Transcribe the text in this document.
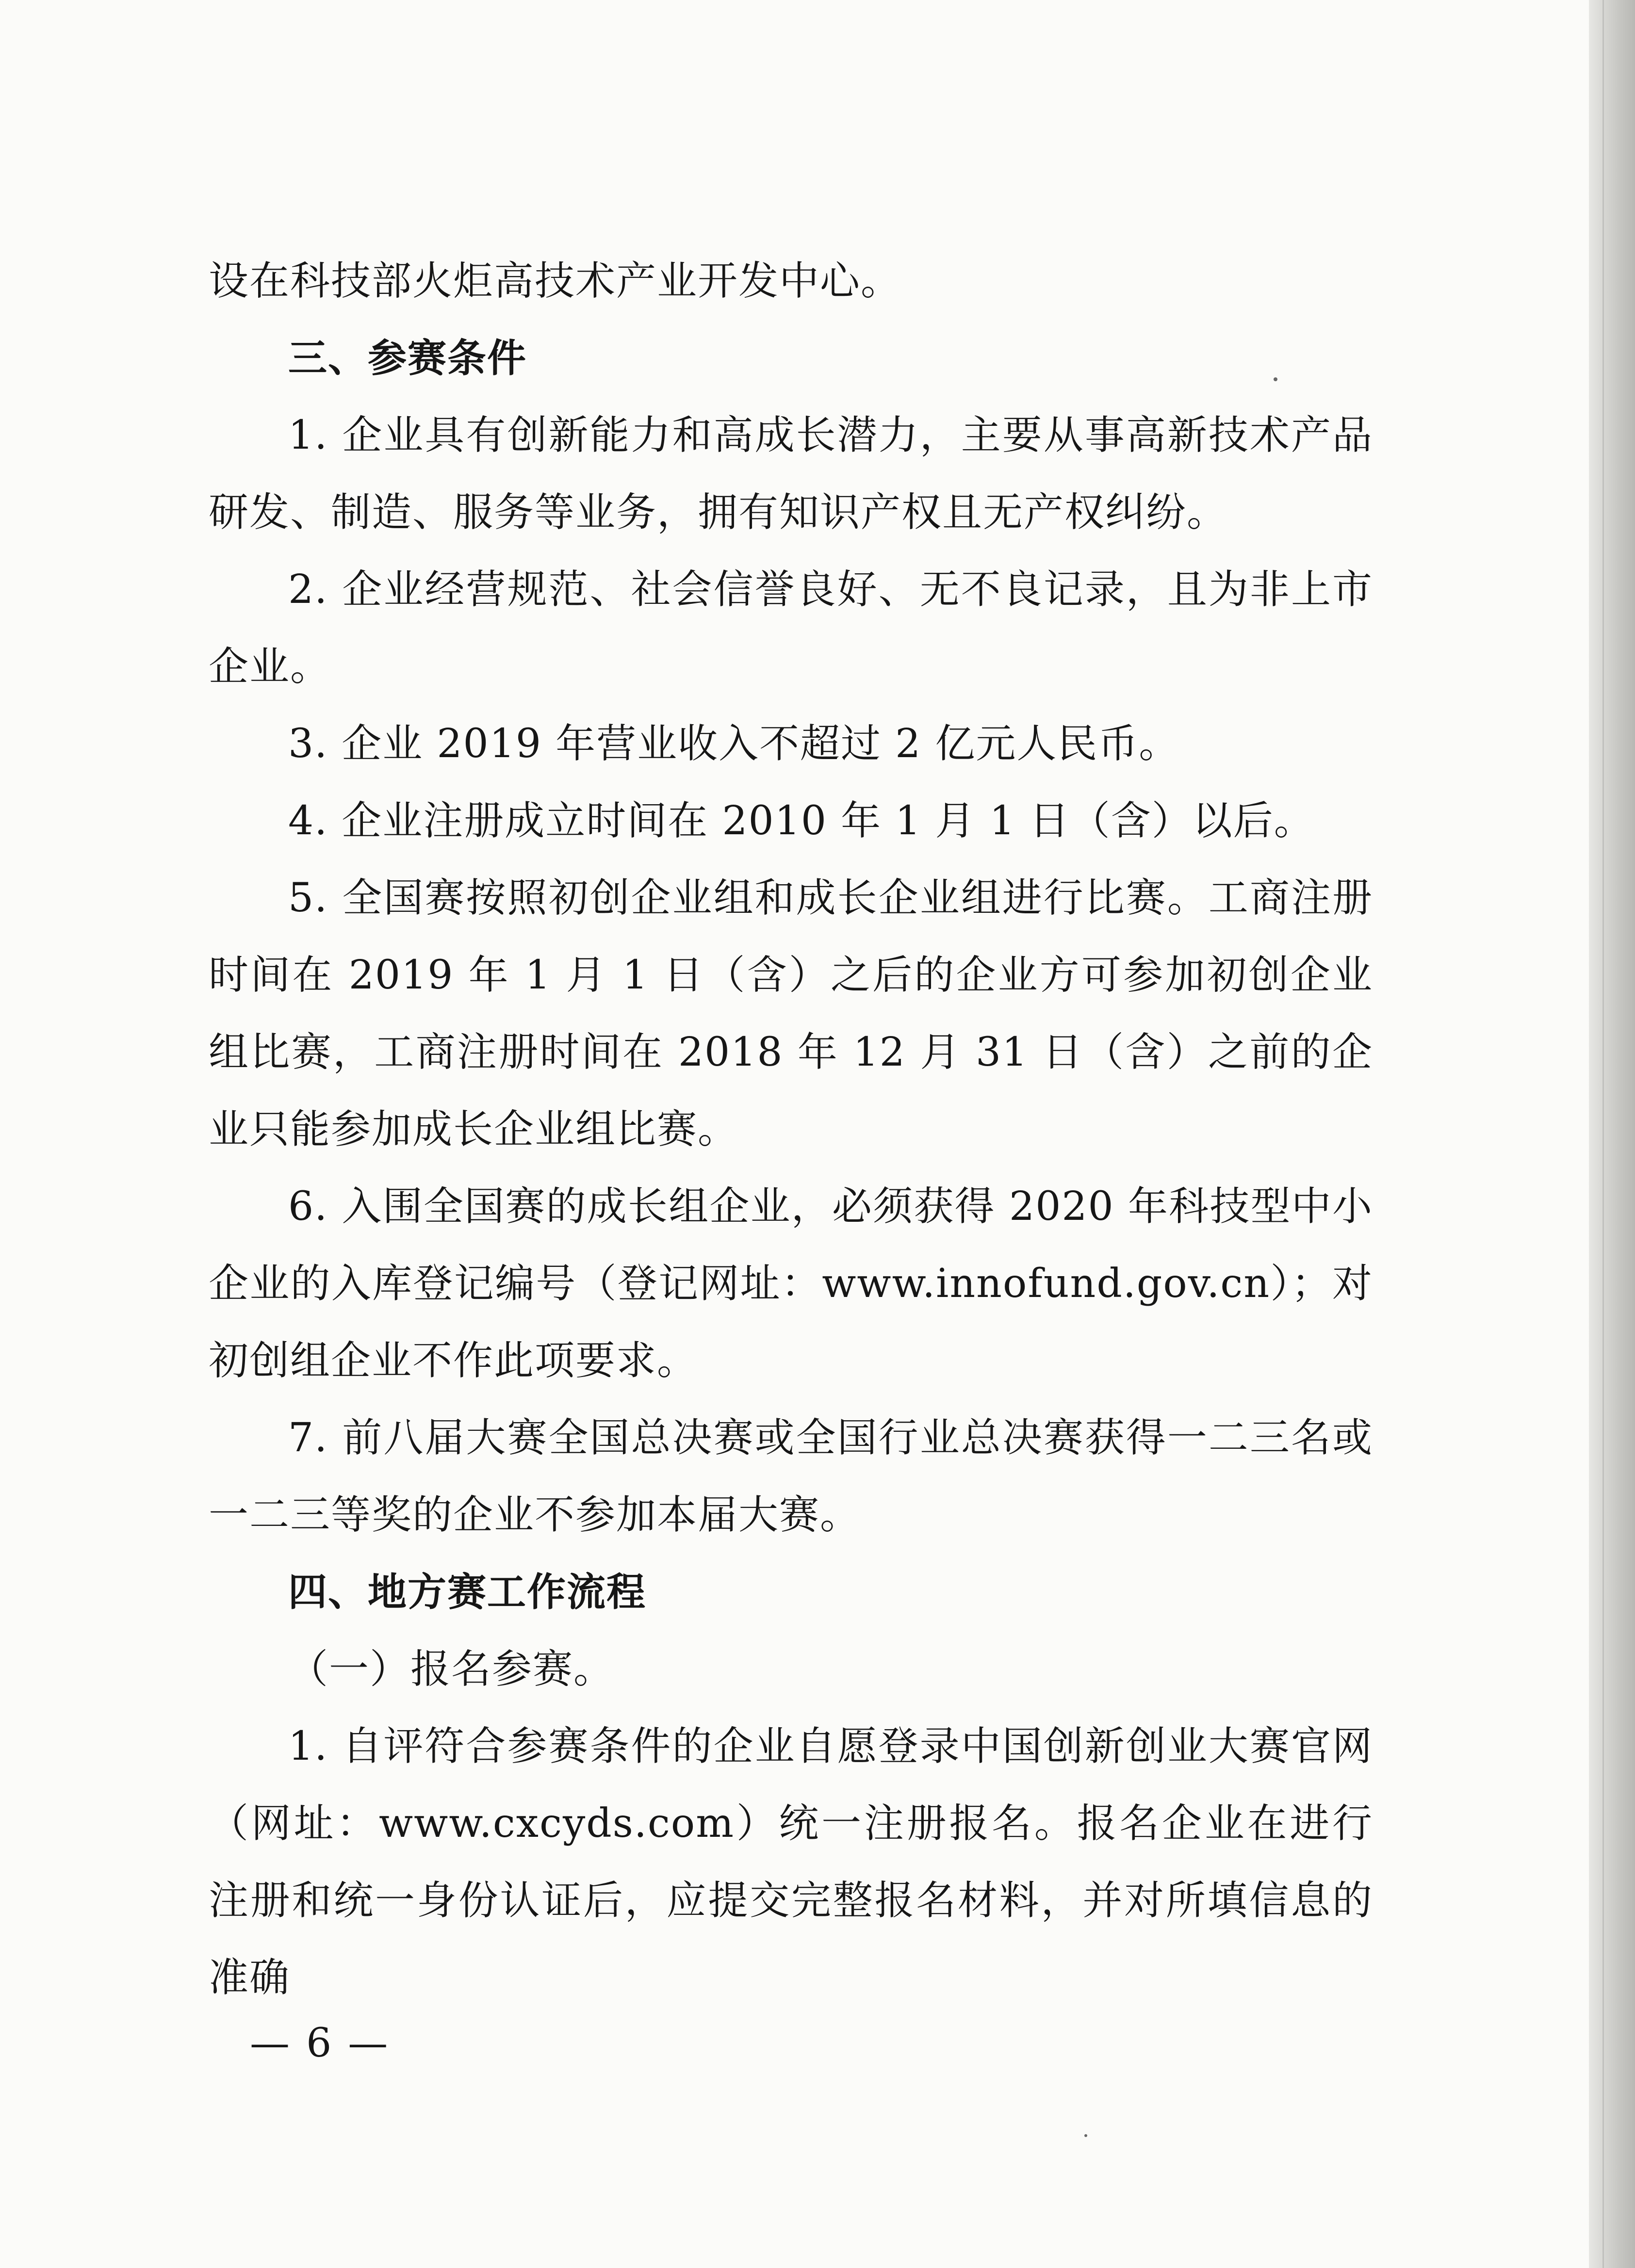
设在科技部火炬高技术产业开发中心。

三、参赛条件

1. 企业具有创新能力和高成长潜力，主要从事高新技术产品研发、制造、服务等业务，拥有知识产权且无产权纠纷。

2. 企业经营规范、社会信誉良好、无不良记录，且为非上市企业。

3. 企业 2019 年营业收入不超过 2 亿元人民币。

4. 企业注册成立时间在 2010 年 1 月 1 日（含）以后。

5. 全国赛按照初创企业组和成长企业组进行比赛。工商注册时间在 2019 年 1 月 1 日（含）之后的企业方可参加初创企业组比赛，工商注册时间在 2018 年 12 月 31 日（含）之前的企业只能参加成长企业组比赛。

6. 入围全国赛的成长组企业，必须获得 2020 年科技型中小企业的入库登记编号（登记网址：www.innofund.gov.cn）；对初创组企业不作此项要求。

7. 前八届大赛全国总决赛或全国行业总决赛获得一二三名或一二三等奖的企业不参加本届大赛。

四、地方赛工作流程

（一）报名参赛。

1. 自评符合参赛条件的企业自愿登录中国创新创业大赛官网（网址：www.cxcyds.com）统一注册报名。报名企业在进行注册和统一身份认证后，应提交完整报名材料，并对所填信息的准确

— 6 —
